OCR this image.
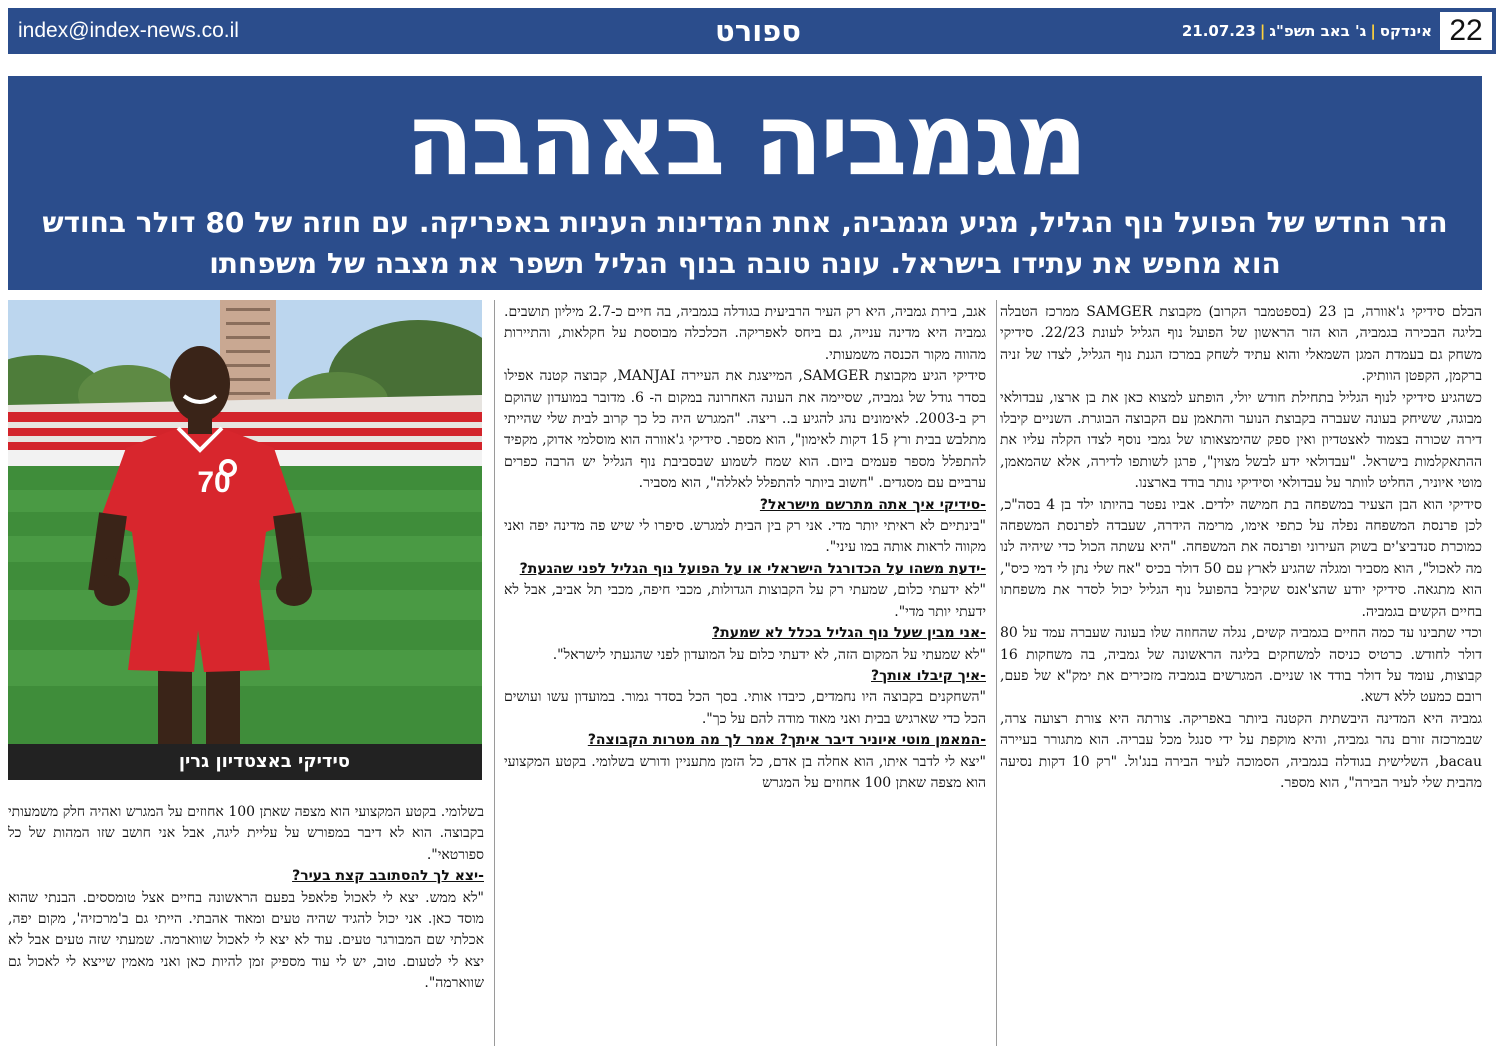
index@index-news.co.il	ספורט	אינדקס|ג' באב תשפ"ג|21.07.23	22
מגמביה באהבה
הזר החדש של הפועל נוף הגליל, מגיע מגמביה, אחת המדינות העניות באפריקה. עם חוזה של 80 דולר בחודש הוא מחפש את עתידו בישראל. עונה טובה בנוף הגליל תשפר את מצבה של משפחתו

הבלם סידיקי ג'אוורה, בן 23 (בספטמבר הקרוב) מקבוצת SAMGER ממרכז הטבלה בליגה הבכירה בגמביה, הוא הזר הראשון של הפועל נוף הגליל לעונת 22/23. סידיקי משחק גם בעמדת המגן השמאלי והוא עתיד לשחק במרכז הגנת נוף הגליל, לצדו של זניה ברקמן, הקפטן הוותיק.

כשהגיע סידיקי לנוף הגליל בתחילת חודש יולי, הופתע למצוא כאן את בן ארצו, עבדולאי מבוגה, ששיחק בעונה שעברה בקבוצת הנוער והתאמן עם הקבוצה הבוגרת. השניים קיבלו דירה שכורה בצמוד לאצטדיון ואין ספק שהימצאותו של גמבי נוסף לצדו הקלה עליו את ההתאקלמות בישראל. "עבדולאי ידע לבשל מצוין", פרגן לשותפו לדירה, אלא שהמאמן, מוטי איוניר, החליט לוותר על עבדולאי וסידיקי נותר בודד בארצנו.

סידיקי הוא הבן הצעיר במשפחה בת חמישה ילדים. אביו נפטר בהיותו ילד בן 4 בסה"כ, לכן פרנסת המשפחה נפלה על כתפי אימו, מרימה הידרה, שעבדה לפרנסת המשפחה כמוכרת סנדביצ'ים בשוק העירוני ופרנסה את המשפחה. "היא עשתה הכול כדי שיהיה לנו מה לאכול", הוא מסביר ומגלה שהגיע לארץ עם 50 דולר בכיס "אח שלי נתן לי דמי כיס", הוא מתגאה. סידיקי יודע שהצ'אנס שקיבל בהפועל נוף הגליל יכול לסדר את משפחתו בחיים הקשים בגמביה.

וכדי שתבינו עד כמה החיים בגמביה קשים, נגלה שהחוזה שלו בעונה שעברה עמד על 80 דולר לחודש. כרטיס כניסה למשחקים בליגה הראשונה של גמביה, בה משחקות 16 קבוצות, עומד על דולר בודד או שניים. המגרשים בגמביה מזכירים את ימק"א של פעם, רובם כמעט ללא דשא.

גמביה היא המדינה היבשתית הקטנה ביותר באפריקה. צורתה היא צורת רצועה צרה, שבמרכזה זורם נהר גמביה, והיא מוקפת על ידי סנגל מכל עבריה. הוא מתגורר בעיירה bacau, השלישית בגודלה בגמביה, הסמוכה לעיר הבירה בנג'ול. "רק 10 דקות נסיעה מהבית שלי לעיר הבירה", הוא מספר.

אגב, בירת גמביה, היא רק העיר הרביעית בגודלה בגמביה, בה חיים כ-2.7 מיליון תושבים. גמביה היא מדינה ענייה, גם ביחס לאפריקה. הכלכלה מבוססת על חקלאות, והתיירות מהווה מקור הכנסה משמעותי.

סידיקי הגיע מקבוצת SAMGER, המייצגת את העיירה MANJAI, קבוצה קטנה אפילו בסדר גודל של גמביה, שסיימה את העונה האחרונה במקום ה- 6. מדובר במועדון שהוקם רק ב-2003. לאימונים נהג להגיע ב.. ריצה. "המגרש היה כל כך קרוב לבית שלי שהייתי מתלבש בבית ורץ 15 דקות לאימון", הוא מספר. סידיקי ג'אוורה הוא מוסלמי אדוק, מקפיד להתפלל מספר פעמים ביום. הוא שמח לשמוע שבסביבת נוף הגליל יש הרבה כפרים ערביים עם מסגדים. "חשוב ביותר להתפלל לאללה", הוא מסביר.

-סידיקי איך אתה מתרשם מישראל?

"בינתיים לא ראיתי יותר מדי. אני רק בין הבית למגרש. סיפרו לי שיש פה מדינה יפה ואני מקווה לראות אותה במו עיני".

-ידעת משהו על הכדורגל הישראלי או על הפועל נוף הגליל לפני שהגעת?

"לא ידעתי כלום, שמעתי רק על הקבוצות הגדולות, מכבי חיפה, מכבי תל אביב, אבל לא ידעתי יותר מדי".

-אני מבין שעל נוף הגליל בכלל לא שמעת?

"לא שמעתי על המקום הזה, לא ידעתי כלום על המועדון לפני שהגעתי לישראל".

-איך קיבלו אותך?

"השחקנים בקבוצה היו נחמדים, כיבדו אותי. בסך הכל בסדר גמור. במועדון עשו ועושים הכל כדי שארגיש בבית ואני מאוד מודה להם על כך".

-המאמן מוטי איוניר דיבר איתך? אמר לך מה מטרות הקבוצה?

"יצא לי לדבר איתו, הוא אחלה בן אדם, כל הזמן מתעניין ודורש בשלומי. בקטע המקצועי הוא מצפה שאתן 100 אחוזים על המגרש

70
סידיקי באצטדיון גרין

בשלומי. בקטע המקצועי הוא מצפה שאתן 100 אחוזים על המגרש ואהיה חלק משמעותי בקבוצה. הוא לא דיבר במפורש על עליית ליגה, אבל אני חושב שזו המהות של כל ספורטאי".

-יצא לך להסתובב קצת בעיר?

"לא ממש. יצא לי לאכול פלאפל בפעם הראשונה בחיים אצל טומססים. הבנתי שהוא מוסד כאן. אני יכול להגיד שהיה טעים ומאוד אהבתי. הייתי גם ב'מרכזיה', מקום יפה, אכלתי שם המבורגר טעים. עוד לא יצא לי לאכול שווארמה. שמעתי שזה טעים אבל לא יצא לי לטעום. טוב, יש לי עוד מספיק זמן להיות כאן ואני מאמין שייצא לי לאכול גם שווארמה".
